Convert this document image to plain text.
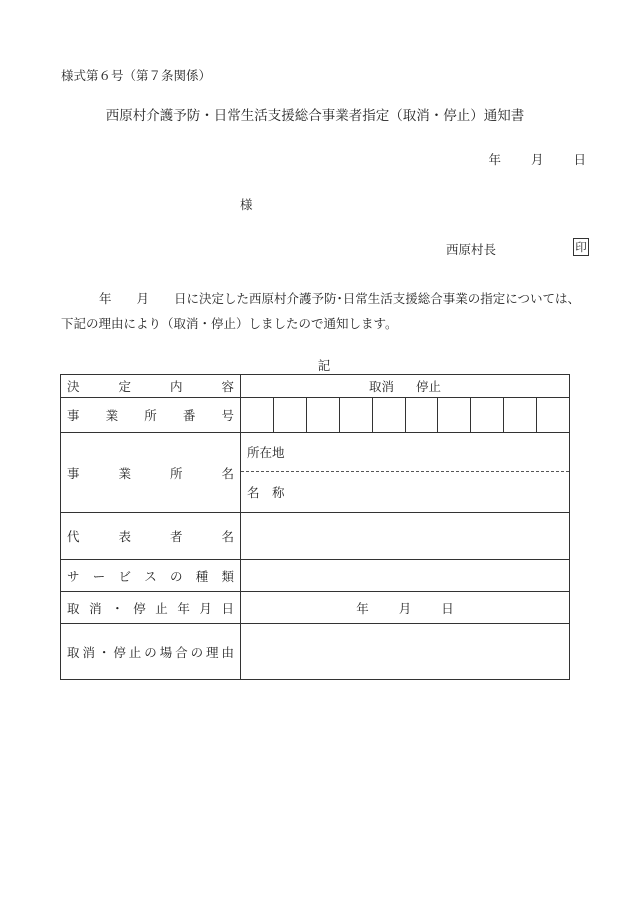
様式第６号（第７条関係）
西原村介護予防・日常生活支援総合事業者指定（取消・停止）通知書
年 月 日
様
西原村長	印
年　　月　　日に決定した西原村介護予防･日常生活支援総合事業の指定については、下記の理由により（取消・停止）しましたので通知します。
記
決定内容	取消 停止
事業所番号	

事業所名	所在地
名　称

代表者名	
サービスの種類	
取消・停止年月日	年 月 日
取消・停止の場合の理由	
